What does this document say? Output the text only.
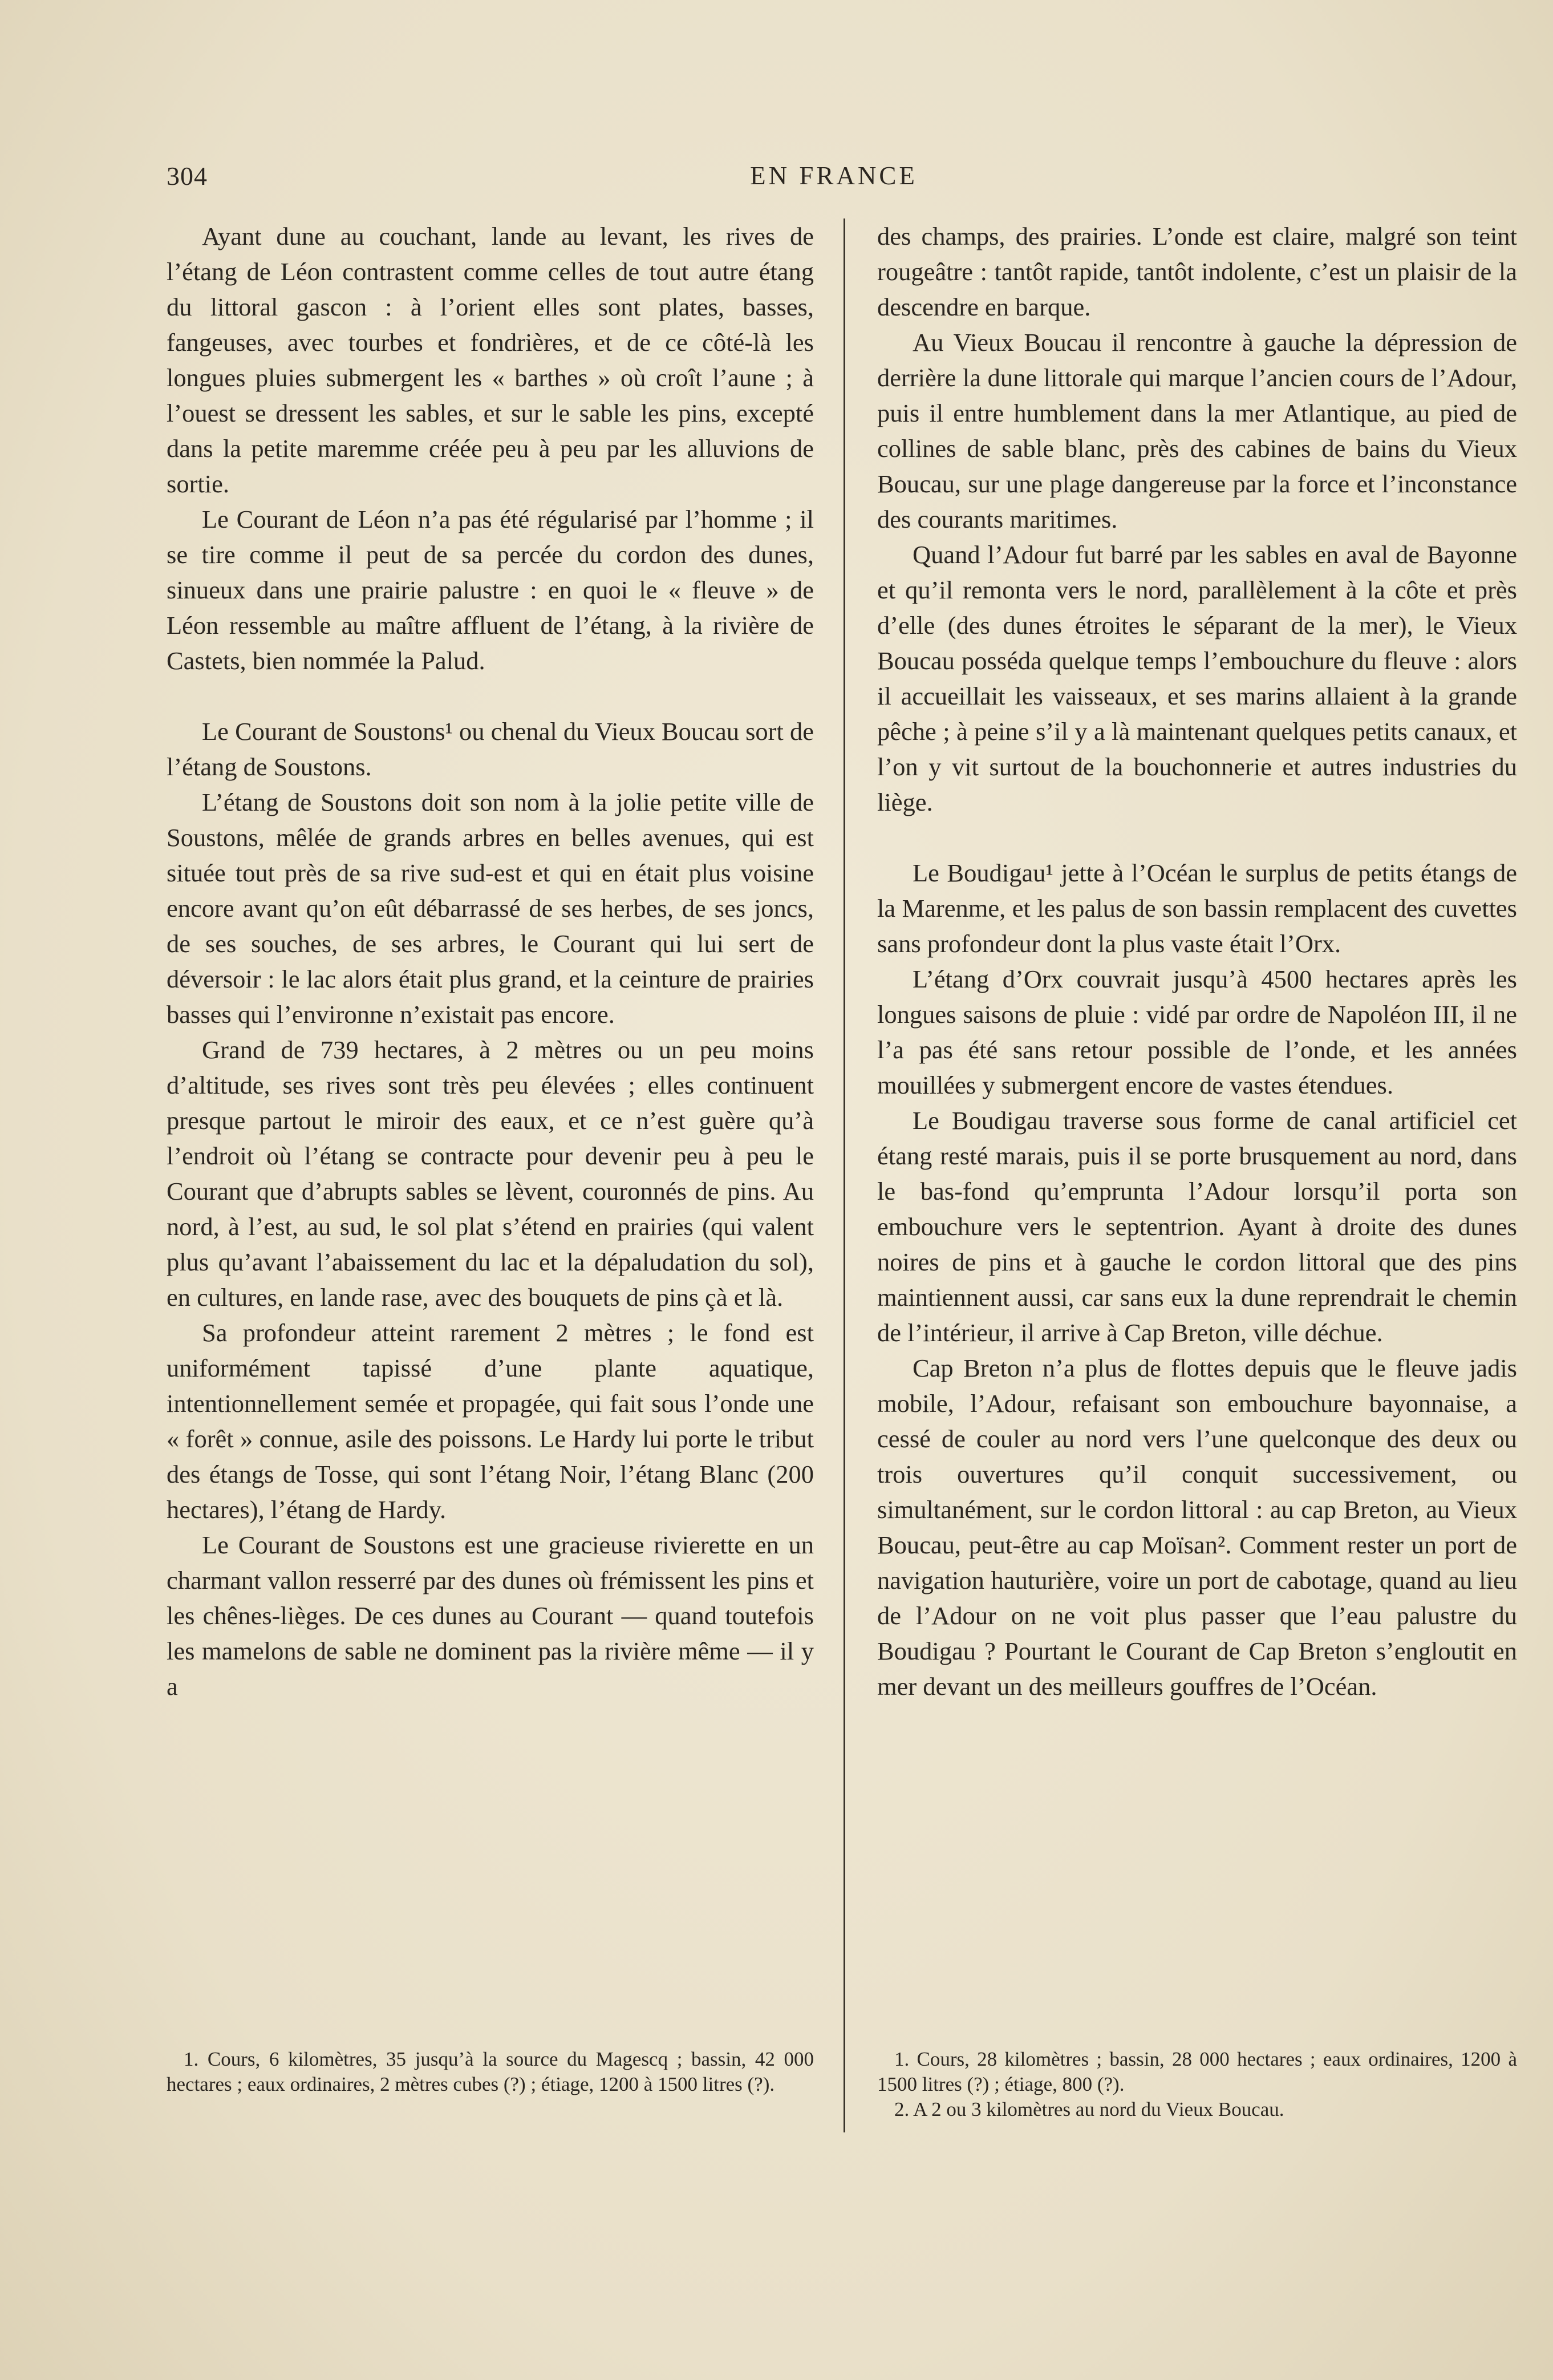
304	EN FRANCE

Ayant dune au couchant, lande au levant, les rives de l’étang de Léon contrastent comme celles de tout autre étang du littoral gascon : à l’orient elles sont plates, basses, fangeuses, avec tourbes et fondrières, et de ce côté-là les longues pluies submergent les « barthes » où croît l’aune ; à l’ouest se dressent les sables, et sur le sable les pins, excepté dans la petite maremme créée peu à peu par les alluvions de sortie.

Le Courant de Léon n’a pas été régularisé par l’homme ; il se tire comme il peut de sa percée du cordon des dunes, sinueux dans une prairie palustre : en quoi le « fleuve » de Léon ressemble au maître affluent de l’étang, à la rivière de Castets, bien nommée la Palud.

Le Courant de Soustons¹ ou chenal du Vieux Boucau sort de l’étang de Soustons.

L’étang de Soustons doit son nom à la jolie petite ville de Soustons, mêlée de grands arbres en belles avenues, qui est située tout près de sa rive sud-est et qui en était plus voisine encore avant qu’on eût débarrassé de ses herbes, de ses joncs, de ses souches, de ses arbres, le Courant qui lui sert de déversoir : le lac alors était plus grand, et la ceinture de prairies basses qui l’environne n’existait pas encore.

Grand de 739 hectares, à 2 mètres ou un peu moins d’altitude, ses rives sont très peu élevées ; elles continuent presque partout le miroir des eaux, et ce n’est guère qu’à l’endroit où l’étang se contracte pour devenir peu à peu le Courant que d’abrupts sables se lèvent, couronnés de pins. Au nord, à l’est, au sud, le sol plat s’étend en prairies (qui valent plus qu’avant l’abaissement du lac et la dépaludation du sol), en cultures, en lande rase, avec des bouquets de pins çà et là.

Sa profondeur atteint rarement 2 mètres ; le fond est uniformément tapissé d’une plante aquatique, intentionnellement semée et propagée, qui fait sous l’onde une « forêt » connue, asile des poissons. Le Hardy lui porte le tribut des étangs de Tosse, qui sont l’étang Noir, l’étang Blanc (200 hectares), l’étang de Hardy.

Le Courant de Soustons est une gracieuse rivierette en un charmant vallon resserré par des dunes où frémissent les pins et les chênes-lièges. De ces dunes au Courant — quand toutefois les mamelons de sable ne dominent pas la rivière même — il y a

des champs, des prairies. L’onde est claire, malgré son teint rougeâtre : tantôt rapide, tantôt indolente, c’est un plaisir de la descendre en barque.

Au Vieux Boucau il rencontre à gauche la dépression de derrière la dune littorale qui marque l’ancien cours de l’Adour, puis il entre humblement dans la mer Atlantique, au pied de collines de sable blanc, près des cabines de bains du Vieux Boucau, sur une plage dangereuse par la force et l’inconstance des courants maritimes.

Quand l’Adour fut barré par les sables en aval de Bayonne et qu’il remonta vers le nord, parallèlement à la côte et près d’elle (des dunes étroites le séparant de la mer), le Vieux Boucau posséda quelque temps l’embouchure du fleuve : alors il accueillait les vaisseaux, et ses marins allaient à la grande pêche ; à peine s’il y a là maintenant quelques petits canaux, et l’on y vit surtout de la bouchonnerie et autres industries du liège.

Le Boudigau¹ jette à l’Océan le surplus de petits étangs de la Marenme, et les palus de son bassin remplacent des cuvettes sans profondeur dont la plus vaste était l’Orx.

L’étang d’Orx couvrait jusqu’à 4500 hectares après les longues saisons de pluie : vidé par ordre de Napoléon III, il ne l’a pas été sans retour possible de l’onde, et les années mouillées y submergent encore de vastes étendues.

Le Boudigau traverse sous forme de canal artificiel cet étang resté marais, puis il se porte brusquement au nord, dans le bas-fond qu’emprunta l’Adour lorsqu’il porta son embouchure vers le septentrion. Ayant à droite des dunes noires de pins et à gauche le cordon littoral que des pins maintiennent aussi, car sans eux la dune reprendrait le chemin de l’intérieur, il arrive à Cap Breton, ville déchue.

Cap Breton n’a plus de flottes depuis que le fleuve jadis mobile, l’Adour, refaisant son embouchure bayonnaise, a cessé de couler au nord vers l’une quelconque des deux ou trois ouvertures qu’il conquit successivement, ou simultanément, sur le cordon littoral : au cap Breton, au Vieux Boucau, peut-être au cap Moïsan². Comment rester un port de navigation hauturière, voire un port de cabotage, quand au lieu de l’Adour on ne voit plus passer que l’eau palustre du Boudigau ? Pourtant le Courant de Cap Breton s’engloutit en mer devant un des meilleurs gouffres de l’Océan.

1. Cours, 6 kilomètres, 35 jusqu’à la source du Magescq ; bassin, 42 000 hectares ; eaux ordinaires, 2 mètres cubes (?) ; étiage, 1200 à 1500 litres (?).

1. Cours, 28 kilomètres ; bassin, 28 000 hectares ; eaux ordinaires, 1200 à 1500 litres (?) ; étiage, 800 (?).

2. A 2 ou 3 kilomètres au nord du Vieux Boucau.
